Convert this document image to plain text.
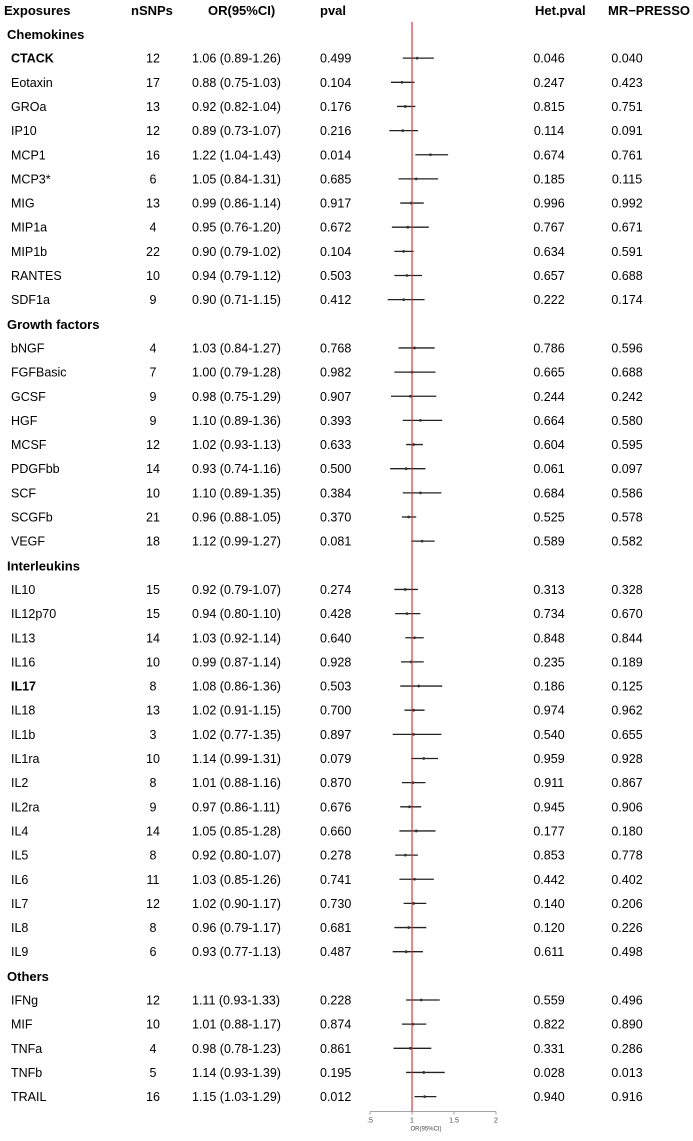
Exposures	nSNPs	OR(95%CI)	pval	Het.pval MR−PRESSO
Chemokines
CTACK	12	1.06 (0.89-1.26)	0.499	0.046	0.040
Eotaxin	17	0.88 (0.75-1.03)	0.104	0.247	0.423
GROa	13	0.92 (0.82-1.04)	0.176	0.815	0.751
IP10	12	0.89 (0.73-1.07)	0.216	0.114	0.091
MCP1	16	1.22 (1.04-1.43)	0.014	0.674	0.761
MCP3*	6	1.05 (0.84-1.31)	0.685	0.185	0.115
MIG	13	0.99 (0.86-1.14)	0.917	0.996	0.992
MIP1a	4	0.95 (0.76-1.20)	0.672	0.767	0.671
MIP1b	22	0.90 (0.79-1.02)	0.104	0.634	0.591
RANTES	10	0.94 (0.79-1.12)	0.503	0.657	0.688
SDF1a	9	0.90 (0.71-1.15)	0.412	0.222	0.174
Growth factors
bNGF	4	1.03 (0.84-1.27)	0.768	0.786	0.596
FGFBasic	7	1.00 (0.79-1.28)	0.982	0.665	0.688
GCSF	9	0.98 (0.75-1.29)	0.907	0.244	0.242
HGF	9	1.10 (0.89-1.36)	0.393	0.664	0.580
MCSF	12	1.02 (0.93-1.13)	0.633	0.604	0.595
PDGFbb	14	0.93 (0.74-1.16)	0.500	0.061	0.097
SCF	10	1.10 (0.89-1.35)	0.384	0.684	0.586
SCGFb	21	0.96 (0.88-1.05)	0.370	0.525	0.578
VEGF	18	1.12 (0.99-1.27)	0.081	0.589	0.582
Interleukins
IL10	15	0.92 (0.79-1.07)	0.274	0.313	0.328
IL12p70	15	0.94 (0.80-1.10)	0.428	0.734	0.670
IL13	14	1.03 (0.92-1.14)	0.640	0.848	0.844
IL16	10	0.99 (0.87-1.14)	0.928	0.235	0.189
IL17	8	1.08 (0.86-1.36)	0.503	0.186	0.125
IL18	13	1.02 (0.91-1.15)	0.700	0.974	0.962
IL1b	3	1.02 (0.77-1.35)	0.897	0.540	0.655
IL1ra	10	1.14 (0.99-1.31)	0.079	0.959	0.928
IL2	8	1.01 (0.88-1.16)	0.870	0.911	0.867
IL2ra	9	0.97 (0.86-1.11)	0.676	0.945	0.906
IL4	14	1.05 (0.85-1.28)	0.660	0.177	0.180
IL5	8	0.92 (0.80-1.07)	0.278	0.853	0.778
IL6	11	1.03 (0.85-1.26)	0.741	0.442	0.402
IL7	12	1.02 (0.90-1.17)	0.730	0.140	0.206
IL8	8	0.96 (0.79-1.17)	0.681	0.120	0.226
IL9	6	0.93 (0.77-1.13)	0.487	0.611	0.498
Others
IFNg	12	1.11 (0.93-1.33)	0.228	0.559	0.496
MIF	10	1.01 (0.88-1.17)	0.874	0.822	0.890
TNFa	4	0.98 (0.78-1.23)	0.861	0.331	0.286
TNFb	5	1.14 (0.93-1.39)	0.195	0.028	0.013
TRAIL	16	1.15 (1.03-1.29)	0.012	0.940	0.916
.5	1	1.5	2
OR(95%CI)
